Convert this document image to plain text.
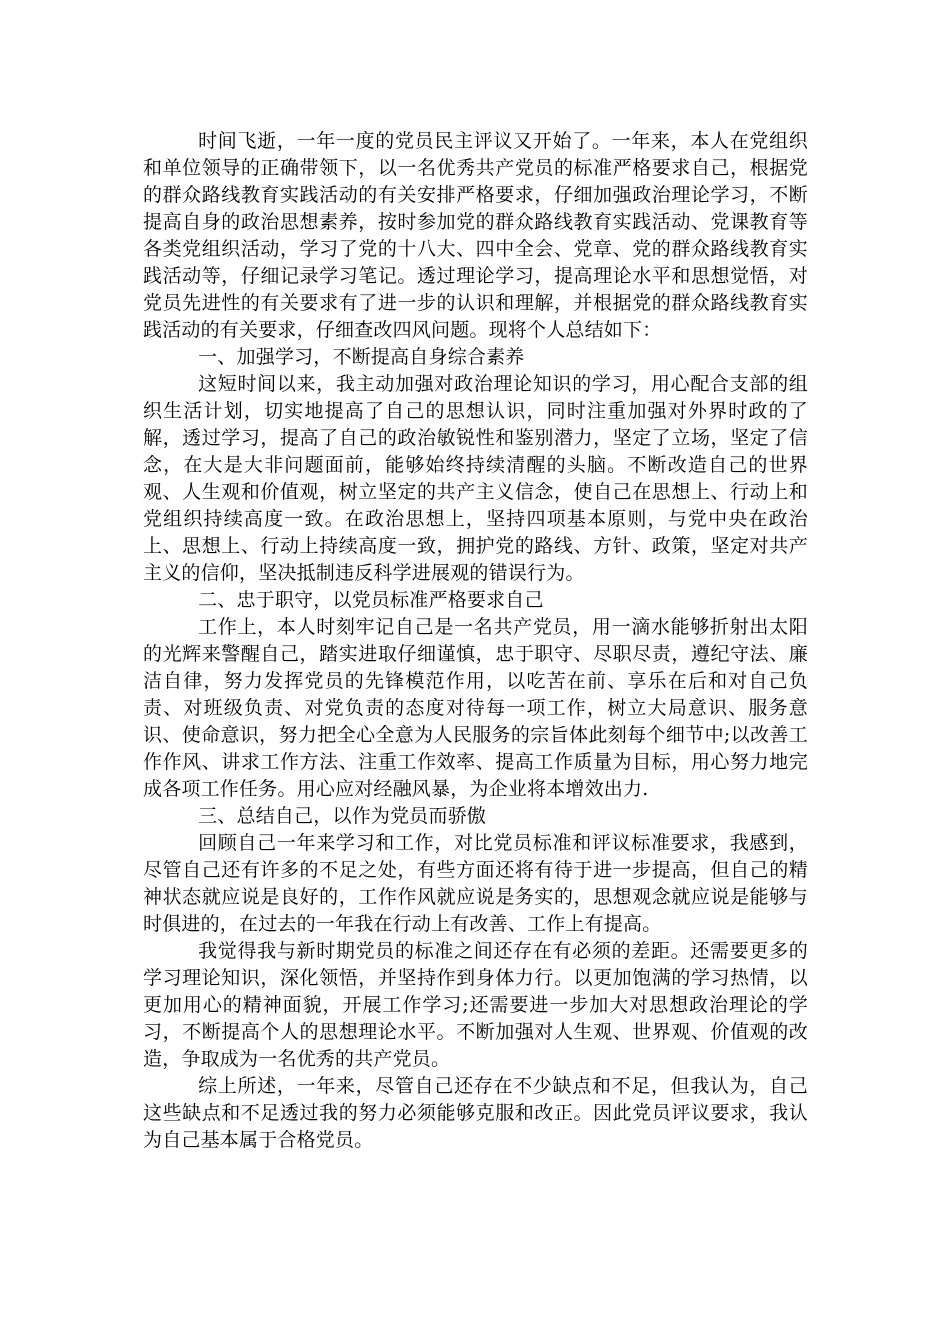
时间飞逝，一年一度的党员民主评议又开始了。一年来，本人在党组织和单位领导的正确带领下，以一名优秀共产党员的标准严格要求自己，根据党的群众路线教育实践活动的有关安排严格要求，仔细加强政治理论学习，不断提高自身的政治思想素养，按时参加党的群众路线教育实践活动、党课教育等各类党组织活动，学习了党的十八大、四中全会、党章、党的群众路线教育实践活动等，仔细记录学习笔记。透过理论学习，提高理论水平和思想觉悟，对党员先进性的有关要求有了进一步的认识和理解，并根据党的群众路线教育实践活动的有关要求，仔细查改四风问题。现将个人总结如下：

一、加强学习，不断提高自身综合素养

这短时间以来，我主动加强对政治理论知识的学习，用心配合支部的组织生活计划，切实地提高了自己的思想认识，同时注重加强对外界时政的了解，透过学习，提高了自己的政治敏锐性和鉴别潜力，坚定了立场，坚定了信念，在大是大非问题面前，能够始终持续清醒的头脑。不断改造自己的世界观、人生观和价值观，树立坚定的共产主义信念，使自己在思想上、行动上和党组织持续高度一致。在政治思想上，坚持四项基本原则，与党中央在政治上、思想上、行动上持续高度一致，拥护党的路线、方针、政策，坚定对共产主义的信仰，坚决抵制违反科学进展观的错误行为。

二、忠于职守，以党员标准严格要求自己

工作上，本人时刻牢记自己是一名共产党员，用一滴水能够折射出太阳的光辉来警醒自己，踏实进取仔细谨慎，忠于职守、尽职尽责，遵纪守法、廉洁自律，努力发挥党员的先锋模范作用，以吃苦在前、享乐在后和对自己负责、对班级负责、对党负责的态度对待每一项工作，树立大局意识、服务意识、使命意识，努力把全心全意为人民服务的宗旨体此刻每个细节中;以改善工作作风、讲求工作方法、注重工作效率、提高工作质量为目标，用心努力地完成各项工作任务。用心应对经融风暴，为企业将本增效出力.

三、总结自己，以作为党员而骄傲

回顾自己一年来学习和工作，对比党员标准和评议标准要求，我感到，尽管自己还有许多的不足之处，有些方面还将有待于进一步提高，但自己的精神状态就应说是良好的，工作作风就应说是务实的，思想观念就应说是能够与时俱进的，在过去的一年我在行动上有改善、工作上有提高。

我觉得我与新时期党员的标准之间还存在有必须的差距。还需要更多的学习理论知识，深化领悟，并坚持作到身体力行。以更加饱满的学习热情，以更加用心的精神面貌，开展工作学习;还需要进一步加大对思想政治理论的学习，不断提高个人的思想理论水平。不断加强对人生观、世界观、价值观的改造，争取成为一名优秀的共产党员。

综上所述，一年来，尽管自己还存在不少缺点和不足，但我认为，自己这些缺点和不足透过我的努力必须能够克服和改正。因此党员评议要求，我认为自己基本属于合格党员。
